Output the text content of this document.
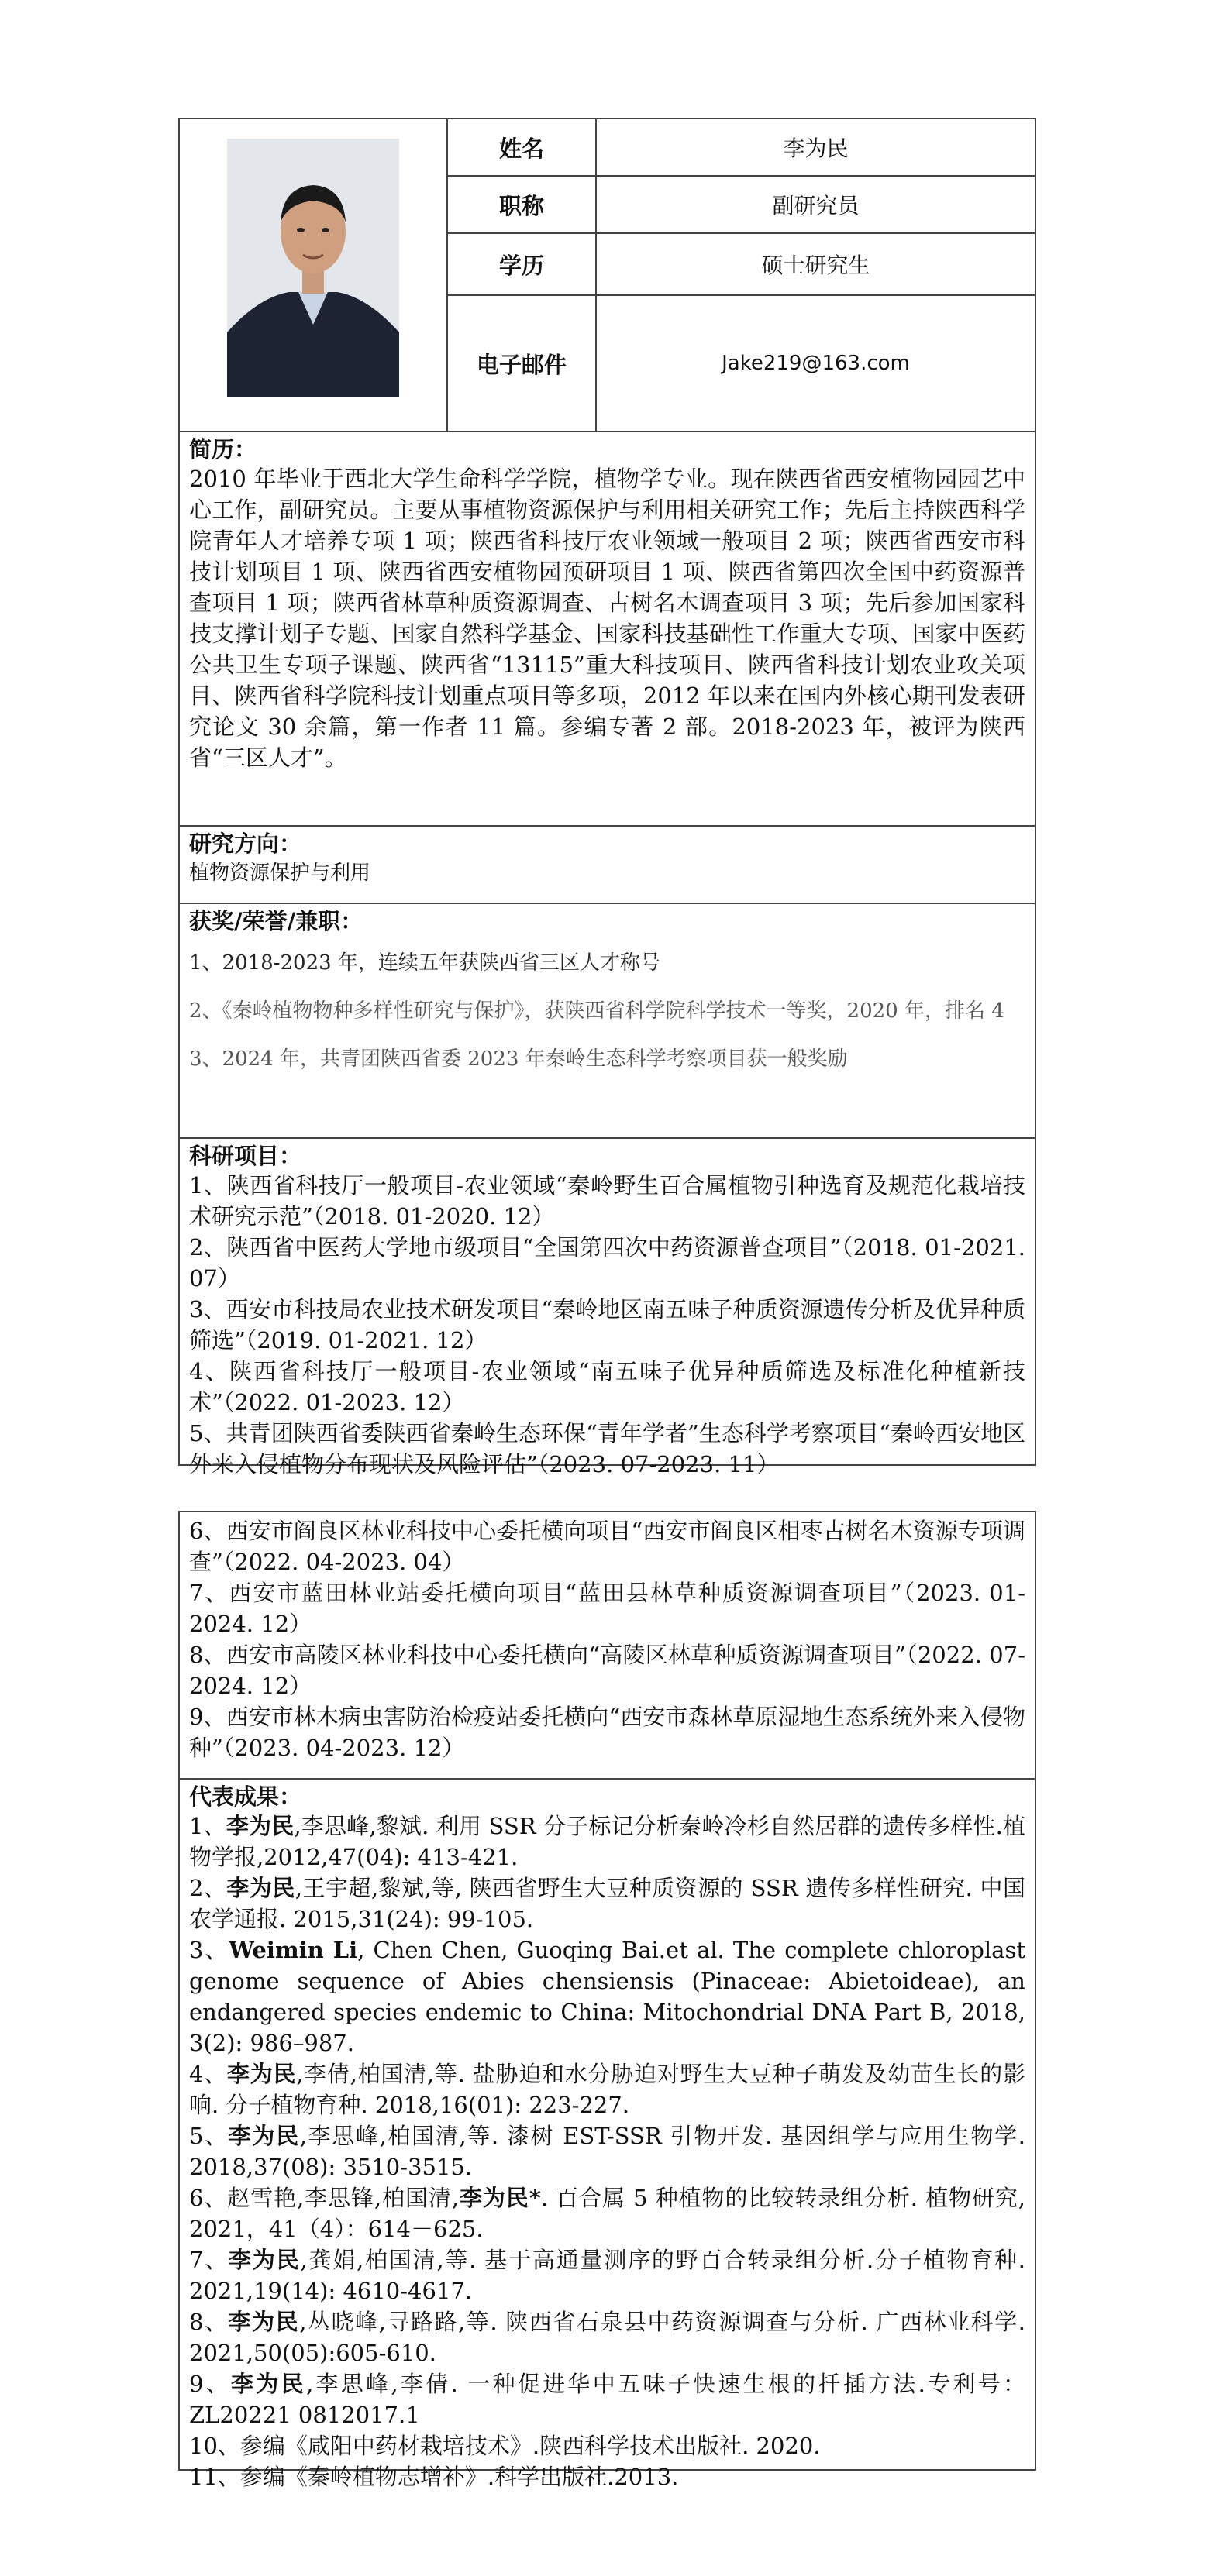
姓名	李为民
职称	副研究员
学历	硕士研究生
电子邮件	Jake219@163.com
简历：
2010 年毕业于西北大学生命科学学院，植物学专业。现在陕西省西安植物园园艺中心工作，副研究员。主要从事植物资源保护与利用相关研究工作；先后主持陕西科学院青年人才培养专项 1 项；陕西省科技厅农业领域一般项目 2 项；陕西省西安市科技计划项目 1 项、陕西省西安植物园预研项目 1 项、陕西省第四次全国中药资源普查项目 1 项；陕西省林草种质资源调查、古树名木调查项目 3 项；先后参加国家科技支撑计划子专题、国家自然科学基金、国家科技基础性工作重大专项、国家中医药公共卫生专项子课题、陕西省“13115”重大科技项目、陕西省科技计划农业攻关项目、陕西省科学院科技计划重点项目等多项，2012 年以来在国内外核心期刊发表研究论文 30 余篇，第一作者 11 篇。参编专著 2 部。2018-2023 年，被评为陕西省“三区人才”。
研究方向：
植物资源保护与利用
获奖/荣誉/兼职：
1、2018-2023 年，连续五年获陕西省三区人才称号
2、《秦岭植物物种多样性研究与保护》，获陕西省科学院科学技术一等奖，2020 年，排名 4
3、2024 年，共青团陕西省委 2023 年秦岭生态科学考察项目获一般奖励
科研项目：
1、陕西省科技厅一般项目-农业领域“秦岭野生百合属植物引种选育及规范化栽培技术研究示范”（2018. 01-2020. 12）
2、陕西省中医药大学地市级项目“全国第四次中药资源普查项目”（2018. 01-2021. 07）
3、西安市科技局农业技术研发项目“秦岭地区南五味子种质资源遗传分析及优异种质筛选”（2019. 01-2021. 12）
4、陕西省科技厅一般项目-农业领域“南五味子优异种质筛选及标准化种植新技术”（2022. 01-2023. 12）
5、共青团陕西省委陕西省秦岭生态环保“青年学者”生态科学考察项目“秦岭西安地区外来入侵植物分布现状及风险评估”（2023. 07-2023. 11）
6、西安市阎良区林业科技中心委托横向项目“西安市阎良区相枣古树名木资源专项调查”（2022. 04-2023. 04）
7、西安市蓝田林业站委托横向项目“蓝田县林草种质资源调查项目”（2023. 01-2024. 12）
8、西安市高陵区林业科技中心委托横向“高陵区林草种质资源调查项目”（2022. 07-2024. 12）
9、西安市林木病虫害防治检疫站委托横向“西安市森林草原湿地生态系统外来入侵物种”（2023. 04-2023. 12）
代表成果：
1、李为民,李思峰,黎斌. 利用 SSR 分子标记分析秦岭冷杉自然居群的遗传多样性.植物学报,2012,47(04): 413-421.
2、李为民,王宇超,黎斌,等, 陕西省野生大豆种质资源的 SSR 遗传多样性研究. 中国农学通报. 2015,31(24): 99-105.
3、Weimin Li, Chen Chen, Guoqing Bai.et al. The complete chloroplast genome sequence of Abies chensiensis (Pinaceae: Abietoideae), an endangered species endemic to China: Mitochondrial DNA Part B, 2018, 3(2): 986–987.
4、李为民,李倩,柏国清,等. 盐胁迫和水分胁迫对野生大豆种子萌发及幼苗生长的影响. 分子植物育种. 2018,16(01): 223-227.
5、李为民,李思峰,柏国清,等. 漆树 EST-SSR 引物开发. 基因组学与应用生物学. 2018,37(08): 3510-3515.
6、赵雪艳,李思锋,柏国清,李为民*. 百合属 5 种植物的比较转录组分析. 植物研究, 2021，41（4）：614－625.
7、李为民,龚娟,柏国清,等. 基于高通量测序的野百合转录组分析.分子植物育种. 2021,19(14): 4610-4617.
8、李为民,丛晓峰,寻路路,等. 陕西省石泉县中药资源调查与分析. 广西林业科学. 2021,50(05):605-610.
9、李为民,李思峰,李倩. 一种促进华中五味子快速生根的扦插方法.专利号：ZL20221 0812017.1
10、参编《咸阳中药材栽培技术》.陕西科学技术出版社. 2020.
11、参编《秦岭植物志增补》.科学出版社.2013.
